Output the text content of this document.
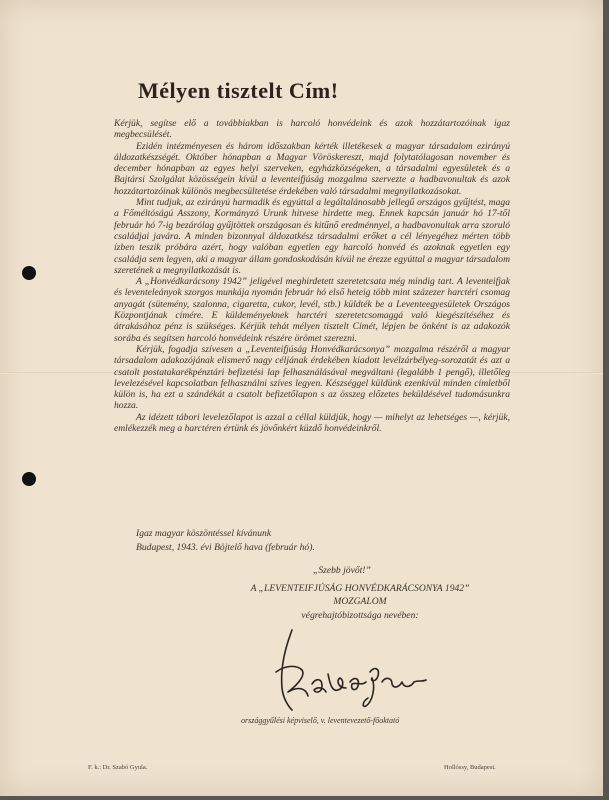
Mélyen tisztelt Cím!

Kérjük, segítse elő a továbbiakban is harcoló honvédeink és azok hozzátartozóinak igaz megbecsülését.

Ezidén intézményesen és három időszakban kérték illetékesek a magyar társadalom ezirányú áldozatkészségét. Október hónapban a Magyar Vöröskereszt, majd folytatólagosan november és december hónapban az egyes helyi szerveken, egyházközségeken, a társadalmi egyesületek és a Bajtársi Szolgálat közösségein kívül a leventeifjúság mozgalma szervezte a hadbavonultak és azok hozzátartozóinak különös megbecsültetése érdekében való társadalmi megnyilatkozásokat.

Mint tudjuk, az ezirányú harmadik és egyúttal a legáltalánosabb jellegű országos gyűjtést, maga a Főméltóságú Asszony, Kormányzó Urunk hitvese hirdette meg. Ennek kapcsán január hó 17-től február hó 7-ig bezárólag gyűjtöttek országosan és kitűnő eredménnyel, a hadbavonultak arra szoruló családjai javára. A minden bizonnyal áldozatkész társadalmi erőket a cél lényegéhez mérten több ízben teszik próbára azért, hogy valóban egyetlen egy harcoló honvéd és azoknak egyetlen egy családja sem legyen, aki a magyar állam gondoskodásán kívül ne érezze egyúttal a magyar társadalom szeretének a megnyilatkozását is.

A „Honvédkarácsony 1942” jeligével meghirdetett szeretetcsata még mindig tart. A leventeifjak és leventeleányok szorgos munkája nyomán február hó első heteig több mint százezer harctéri csomag anyagát (sütemény, szalonna, cigaretta, cukor, levél, stb.) küldték be a Leventeegyesületek Országos Központjának címére. E küldeményeknek harctéri szeretetcsomaggá való kiegészítéséhez és átrakásához pénz is szükséges. Kérjük tehát mélyen tisztelt Címét, lépjen be önként is az adakozók sorába és segítsen harcoló honvédeink részére örömet szerezni.

Kérjük, fogadja szívesen a „Leventeifjúság Honvédkarácsonya” mozgalma részéről a magyar társadalom adakozójának elismerő nagy céljának érdekében kiadott levélzárbélyeg-sorozatát és azt a csatolt postatakarékpénztári befizetési lap felhasználásával megváltani (legalább 1 pengő), illetőleg levelezésével kapcsolatban felhasználni szíves legyen. Készséggel küldünk ezenkívül minden címletből külön is, ha ezt a szándékát a csatolt befizetőlapon s az összeg előzetes beküldésével tudomásunkra hozza.

Az idézett tábori levelezőlapot is azzal a céllal küldjük, hogy — mihelyt az lehetséges —, kérjük, emlékezzék meg a harctéren értünk és jövőnkért küzdő honvédeinkről.

Igaz magyar köszöntéssel kívánunk
Budapest, 1943. évi Böjtelő hava (február hó).
„Szebb jövőt!”
A „LEVENTEIFJÚSÁG HONVÉDKARÁCSONYA 1942”
MOZGALOM
végrehajtóbizottsága nevében:
országgyűlési képviselő, v. leventevezető-főoktató
F. k.: Dr. Szabó Gyula.	Hollóssy, Budapest.
